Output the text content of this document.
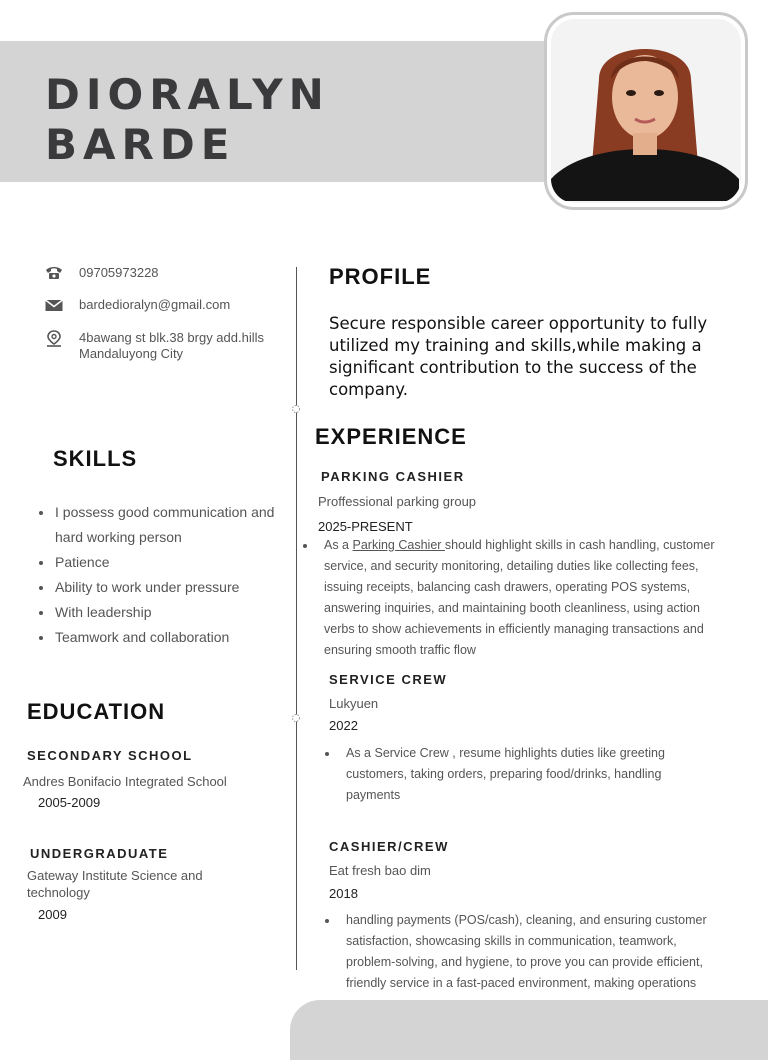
DIORALYN
BARDE
09705973228
bardedioralyn@gmail.com
4bawang st blk.38 brgy add.hills
Mandaluyong City
SKILLS
I possess good communication and
hard working person
Patience
Ability to work under pressure
With leadership
Teamwork and collaboration
EDUCATION
SECONDARY SCHOOL
Andres Bonifacio Integrated School
2005-2009
UNDERGRADUATE
Gateway Institute Science and
technology
2009
PROFILE
Secure responsible career opportunity to fully utilized my training and skills,while making a significant contribution to the success of the company.
EXPERIENCE
PARKING CASHIER
Proffessional parking group
2025-PRESENT
As a Parking Cashier should highlight skills in cash handling, customer service, and security monitoring, detailing duties like collecting fees, issuing receipts, balancing cash drawers, operating POS systems, answering inquiries, and maintaining booth cleanliness, using action verbs to show achievements in efficiently managing transactions and ensuring smooth traffic flow
SERVICE CREW
Lukyuen
2022
As a Service Crew , resume highlights duties like greeting customers, taking orders, preparing food/drinks, handling payments
CASHIER/CREW
Eat fresh bao dim
2018
handling payments (POS/cash), cleaning, and ensuring customer satisfaction, showcasing skills in communication, teamwork, problem-solving, and hygiene, to prove you can provide efficient, friendly service in a fast-paced environment, making operations
